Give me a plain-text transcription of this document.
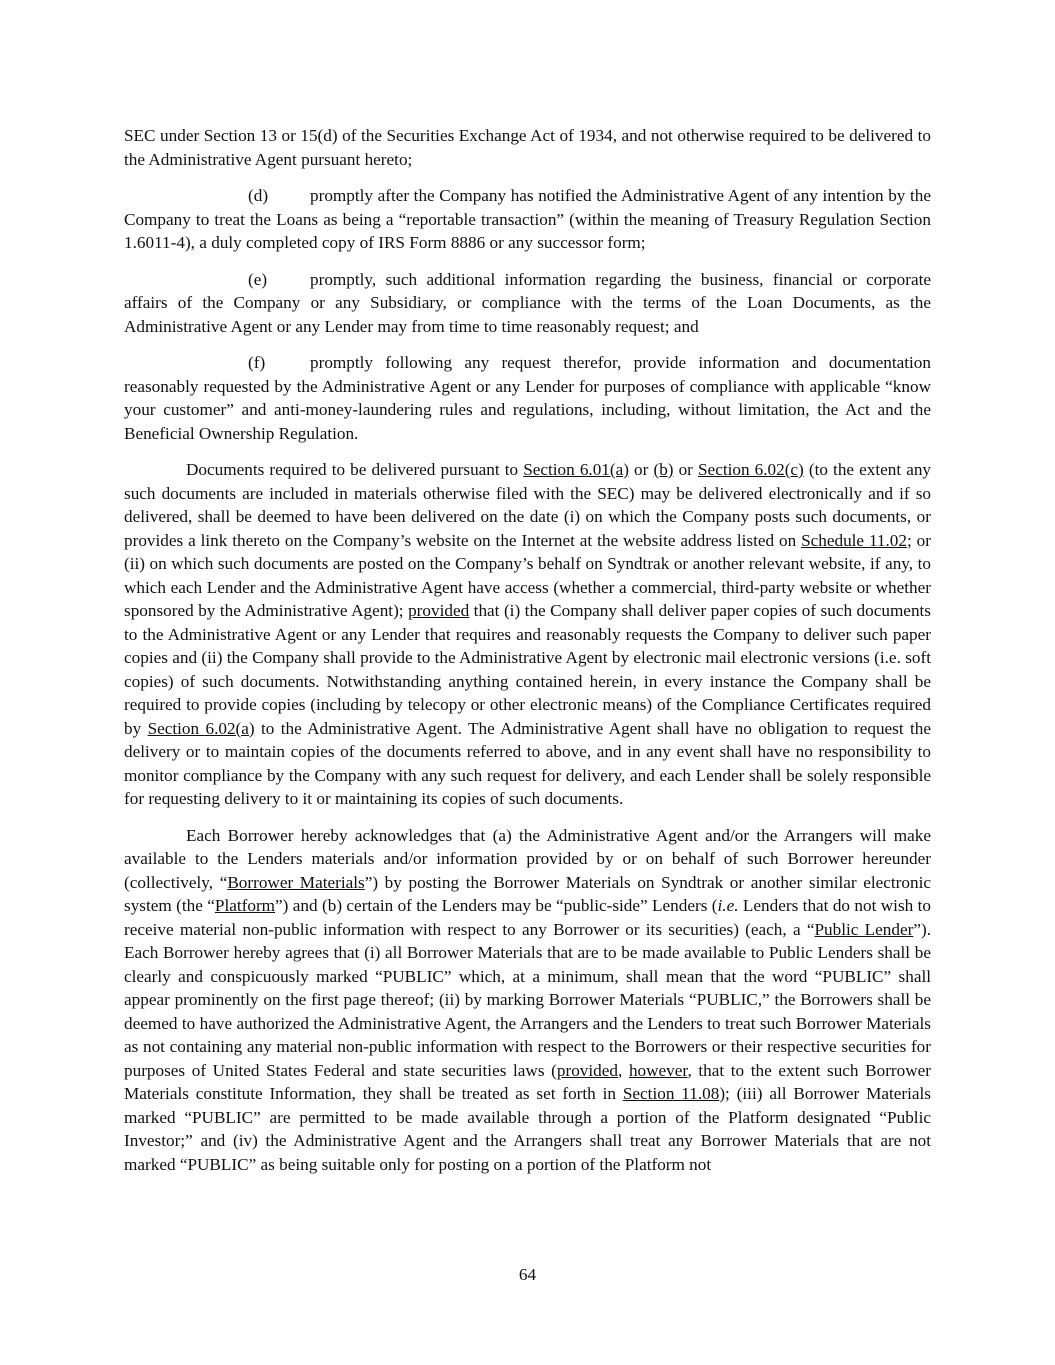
SEC under Section 13 or 15(d) of the Securities Exchange Act of 1934, and not otherwise required to be delivered to the Administrative Agent pursuant hereto;

(d) promptly after the Company has notified the Administrative Agent of any intention by the Company to treat the Loans as being a “reportable transaction” (within the meaning of Treasury Regulation Section 1.6011-4), a duly completed copy of IRS Form 8886 or any successor form;

(e) promptly, such additional information regarding the business, financial or corporate affairs of the Company or any Subsidiary, or compliance with the terms of the Loan Documents, as the Administrative Agent or any Lender may from time to time reasonably request; and

(f)	promptly following any request therefor, provide information and documentation reasonably requested by the Administrative Agent or any Lender for purposes of compliance with applicable “know your customer” and anti-money-laundering rules and regulations, including, without limitation, the Act and the Beneficial Ownership Regulation.

Documents required to be delivered pursuant to Section 6.01(a) or (b) or Section 6.02(c) (to the extent any such documents are included in materials otherwise filed with the SEC) may be delivered electronically and if so delivered, shall be deemed to have been delivered on the date (i) on which the Company posts such documents, or provides a link thereto on the Company’s website on the Internet at the website address listed on Schedule 11.02; or (ii) on which such documents are posted on the Company’s behalf on Syndtrak or another relevant website, if any, to which each Lender and the Administrative Agent have access (whether a commercial, third-party website or whether sponsored by the Administrative Agent); provided that (i) the Company shall deliver paper copies of such documents to the Administrative Agent or any Lender that requires and reasonably requests the Company to deliver such paper copies and (ii) the Company shall provide to the Administrative Agent by electronic mail electronic versions (i.e. soft copies) of such documents. Notwithstanding anything contained herein, in every instance the Company shall be required to provide copies (including by telecopy or other electronic means) of the Compliance Certificates required by Section 6.02(a) to the Administrative Agent. The Administrative Agent shall have no obligation to request the delivery or to maintain copies of the documents referred to above, and in any event shall have no responsibility to monitor compliance by the Company with any such request for delivery, and each Lender shall be solely responsible for requesting delivery to it or maintaining its copies of such documents.

Each Borrower hereby acknowledges that (a) the Administrative Agent and/or the Arrangers will make available to the Lenders materials and/or information provided by or on behalf of such Borrower hereunder (collectively, “Borrower Materials”) by posting the Borrower Materials on Syndtrak or another similar electronic system (the “Platform”) and (b) certain of the Lenders may be “public-side” Lenders (i.e. Lenders that do not wish to receive material non-public information with respect to any Borrower or its securities) (each, a “Public Lender”). Each Borrower hereby agrees that (i) all Borrower Materials that are to be made available to Public Lenders shall be clearly and conspicuously marked “PUBLIC” which, at a minimum, shall mean that the word “PUBLIC” shall appear prominently on the first page thereof; (ii) by marking Borrower Materials “PUBLIC,” the Borrowers shall be deemed to have authorized the Administrative Agent, the Arrangers and the Lenders to treat such Borrower Materials as not containing any material non-public information with respect to the Borrowers or their respective securities for purposes of United States Federal and state securities laws (provided, however, that to the extent such Borrower Materials constitute Information, they shall be treated as set forth in Section 11.08); (iii) all Borrower Materials marked “PUBLIC” are permitted to be made available through a portion of the Platform designated “Public Investor;” and (iv) the Administrative Agent and the Arrangers shall treat any Borrower Materials that are not marked “PUBLIC” as being suitable only for posting on a portion of the Platform not

64
